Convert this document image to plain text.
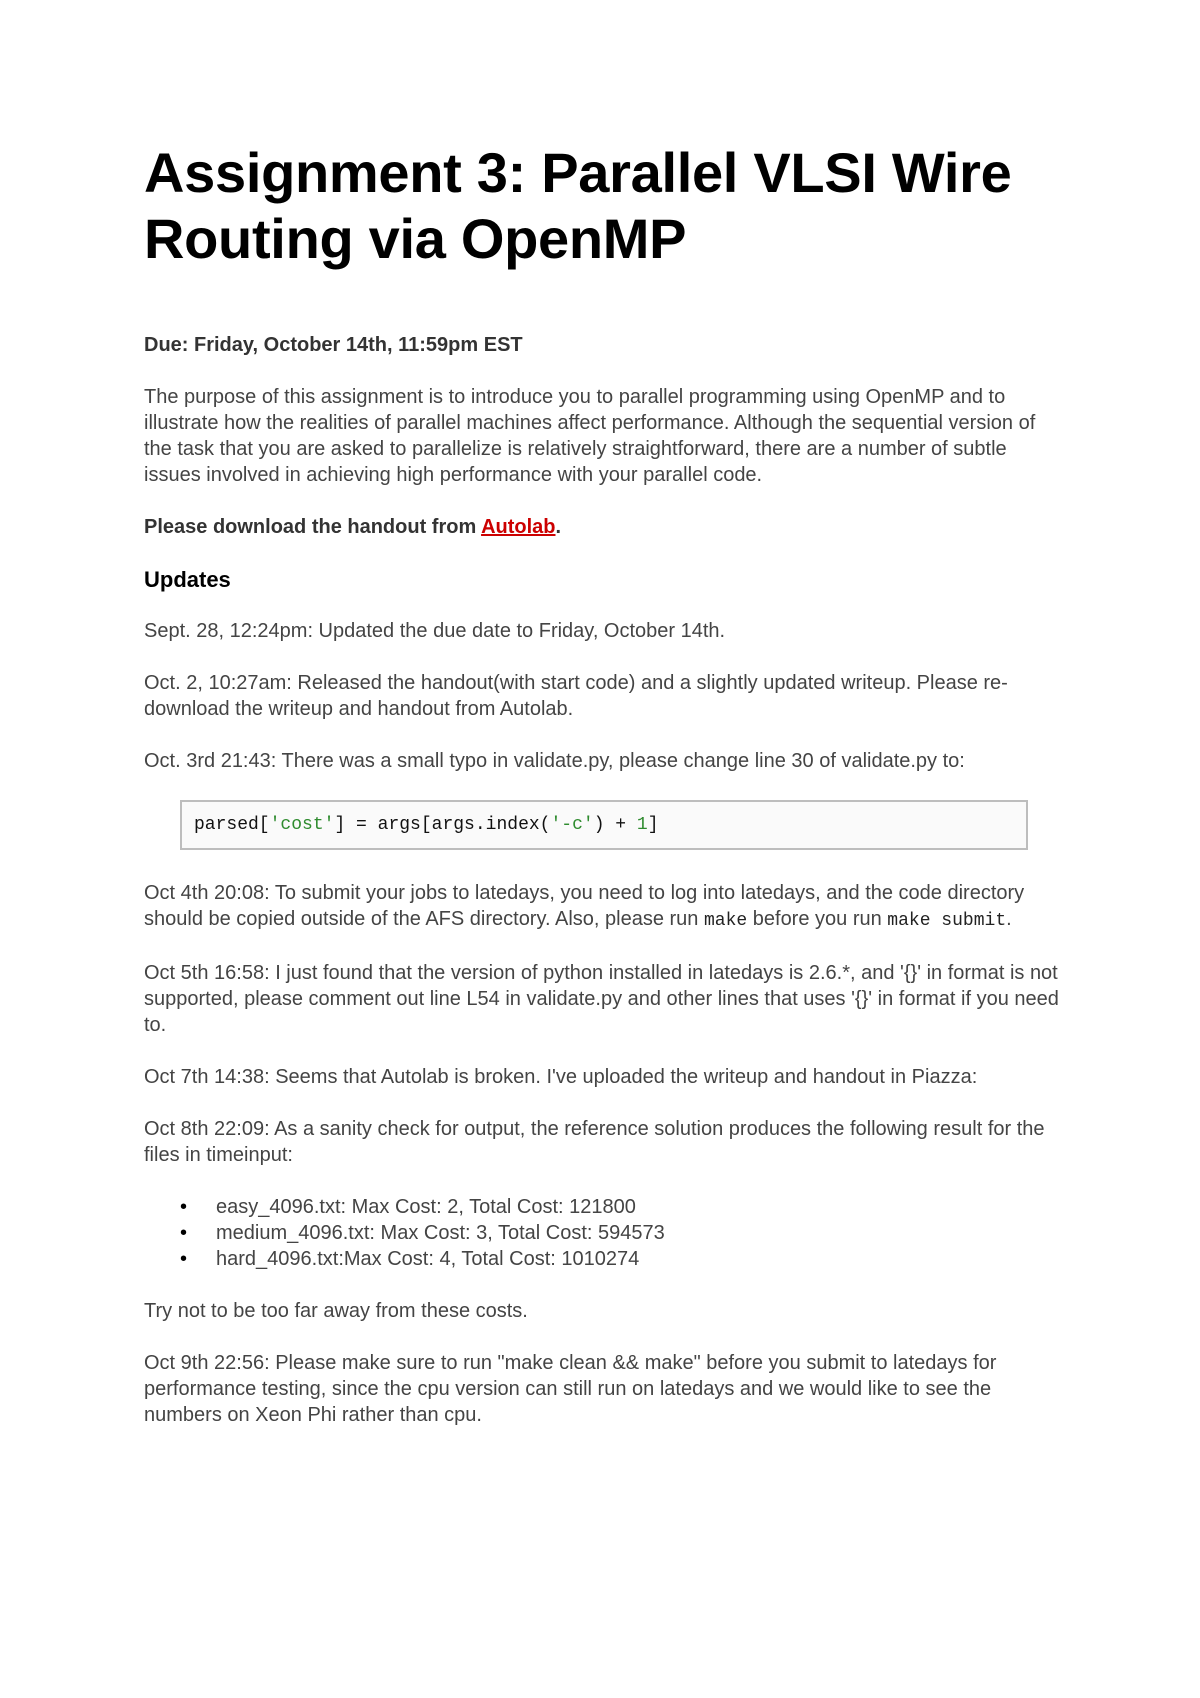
Assignment 3: Parallel VLSI Wire
Routing via OpenMP

Due: Friday, October 14th, 11:59pm EST

The purpose of this assignment is to introduce you to parallel programming using OpenMP and to illustrate how the realities of parallel machines affect performance. Although the sequential version of the task that you are asked to parallelize is relatively straightforward, there are a number of subtle issues involved in achieving high performance with your parallel code.

Please download the handout from Autolab.

Updates

Sept. 28, 12:24pm: Updated the due date to Friday, October 14th.

Oct. 2, 10:27am: Released the handout(with start code) and a slightly updated writeup. Please re-download the writeup and handout from Autolab.

Oct. 3rd 21:43: There was a small typo in validate.py, please change line 30 of validate.py to:

parsed['cost'] = args[args.index('-c') + 1]

Oct 4th 20:08: To submit your jobs to latedays, you need to log into latedays, and the code directory should be copied outside of the AFS directory. Also, please run make before you run make submit.

Oct 5th 16:58: I just found that the version of python installed in latedays is 2.6.*, and '{}' in format is not supported, please comment out line L54 in validate.py and other lines that uses '{}' in format if you need to.

Oct 7th 14:38: Seems that Autolab is broken. I've uploaded the writeup and handout in Piazza:

Oct 8th 22:09: As a sanity check for output, the reference solution produces the following result for the files in timeinput:

• easy_4096.txt: Max Cost: 2, Total Cost: 121800
• medium_4096.txt: Max Cost: 3, Total Cost: 594573
• hard_4096.txt:Max Cost: 4, Total Cost: 1010274

Try not to be too far away from these costs.

Oct 9th 22:56: Please make sure to run "make clean && make" before you submit to latedays for performance testing, since the cpu version can still run on latedays and we would like to see the numbers on Xeon Phi rather than cpu.
